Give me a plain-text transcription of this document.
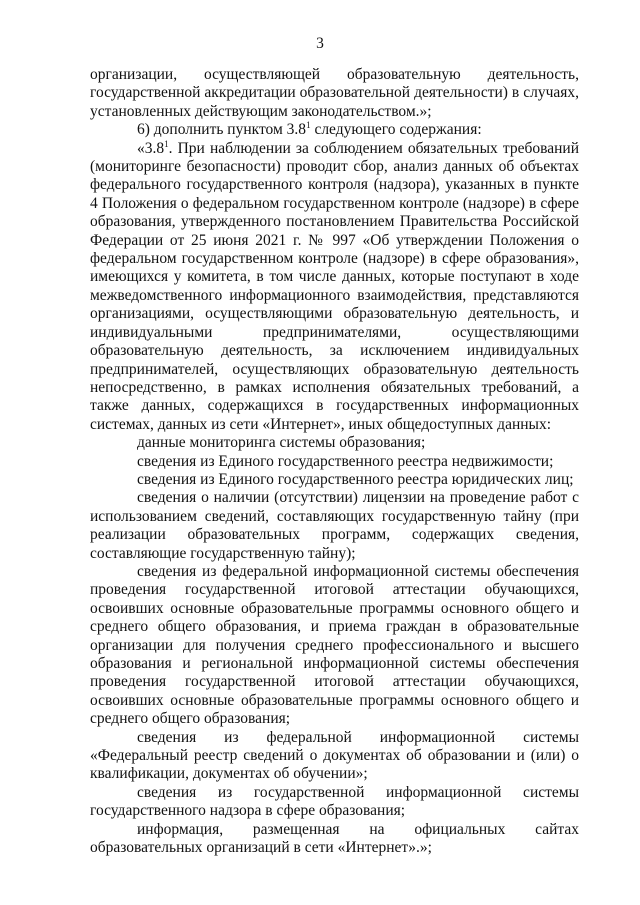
3

организации, осуществляющей образовательную деятельность, государственной аккредитации образовательной деятельности) в случаях, установленных действующим законодательством.»;

6) дополнить пунктом $3.8^1$ следующего содержания:

«$3.8^1$. При наблюдении за соблюдением обязательных требований (мониторинге безопасности) проводит сбор, анализ данных об объектах федерального государственного контроля (надзора), указанных в пункте 4 Положения о федеральном государственном контроле (надзоре) в сфере образования, утвержденного постановлением Правительства Российской Федерации от 25 июня 2021 г. № 997 «Об утверждении Положения о федеральном государственном контроле (надзоре) в сфере образования», имеющихся у комитета, в том числе данных, которые поступают в ходе межведомственного информационного взаимодействия, представляются организациями, осуществляющими образовательную деятельность, и индивидуальными предпринимателями, осуществляющими образовательную деятельность, за исключением индивидуальных предпринимателей, осуществляющих образовательную деятельность непосредственно, в рамках исполнения обязательных требований, а также данных, содержащихся в государственных информационных системах, данных из сети «Интернет», иных общедоступных данных:

данные мониторинга системы образования;

сведения из Единого государственного реестра недвижимости;

сведения из Единого государственного реестра юридических лиц;

сведения о наличии (отсутствии) лицензии на проведение работ с использованием сведений, составляющих государственную тайну (при реализации образовательных программ, содержащих сведения, составляющие государственную тайну);

сведения из федеральной информационной системы обеспечения проведения государственной итоговой аттестации обучающихся, освоивших основные образовательные программы основного общего и среднего общего образования, и приема граждан в образовательные организации для получения среднего профессионального и высшего образования и региональной информационной системы обеспечения проведения государственной итоговой аттестации обучающихся, освоивших основные образовательные программы основного общего и среднего общего образования;

сведения из федеральной информационной системы «Федеральный реестр сведений о документах об образовании и (или) о квалификации, документах об обучении»;

сведения из государственной информационной системы государственного надзора в сфере образования;

информация, размещенная на официальных сайтах образовательных организаций в сети «Интернет».»;
